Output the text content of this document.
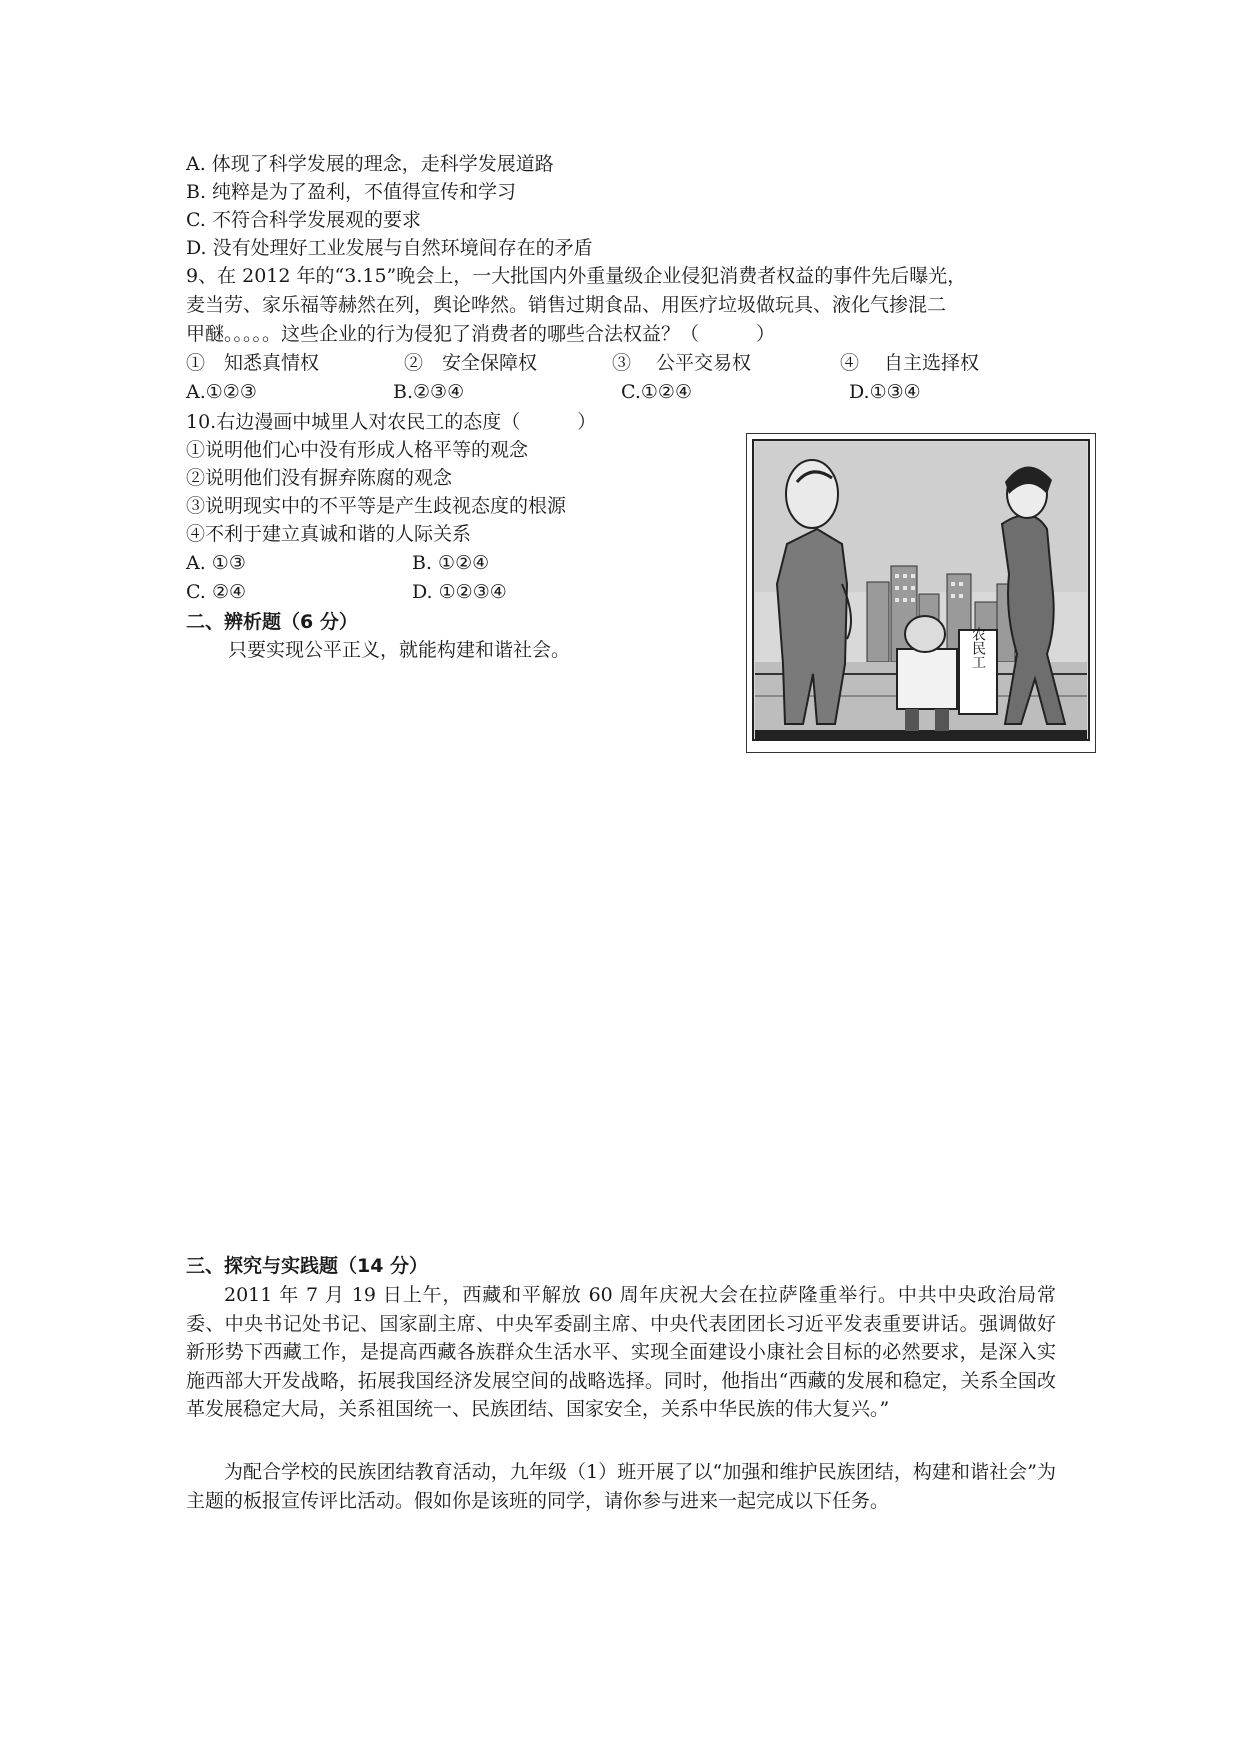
A. 体现了科学发展的理念，走科学发展道路
B. 纯粹是为了盈利，不值得宣传和学习
C. 不符合科学发展观的要求
D. 没有处理好工业发展与自然环境间存在的矛盾
9、在 2012 年的“3.15”晚会上，一大批国内外重量级企业侵犯消费者权益的事件先后曝光，
麦当劳、家乐福等赫然在列，舆论哗然。销售过期食品、用医疗垃圾做玩具、液化气掺混二
甲醚。。。。。这些企业的行为侵犯了消费者的哪些合法权益？（　　　）
①　知悉真情权	②　安全保障权	③　 公平交易权	④　 自主选择权
A.①②③	B.②③④	C.①②④	D.①③④
10.右边漫画中城里人对农民工的态度（　　　）
①说明他们心中没有形成人格平等的观念
②说明他们没有摒弃陈腐的观念
③说明现实中的不平等是产生歧视态度的根源
④不利于建立真诚和谐的人际关系
A. ①③	B. ①②④
C. ②④	D. ①②③④
农民工
二、辨析题（6 分）
只要实现公平正义，就能构建和谐社会。
三、探究与实践题（14 分）

2011 年 7 月 19 日上午，西藏和平解放 60 周年庆祝大会在拉萨隆重举行。中共中央政治局常委、中央书记处书记、国家副主席、中央军委副主席、中央代表团团长习近平发表重要讲话。强调做好新形势下西藏工作，是提高西藏各族群众生活水平、实现全面建设小康社会目标的必然要求，是深入实施西部大开发战略，拓展我国经济发展空间的战略选择。同时，他指出“西藏的发展和稳定，关系全国改革发展稳定大局，关系祖国统一、民族团结、国家安全，关系中华民族的伟大复兴。”

为配合学校的民族团结教育活动，九年级（1）班开展了以“加强和维护民族团结，构建和谐社会”为主题的板报宣传评比活动。假如你是该班的同学，请你参与进来一起完成以下任务。
